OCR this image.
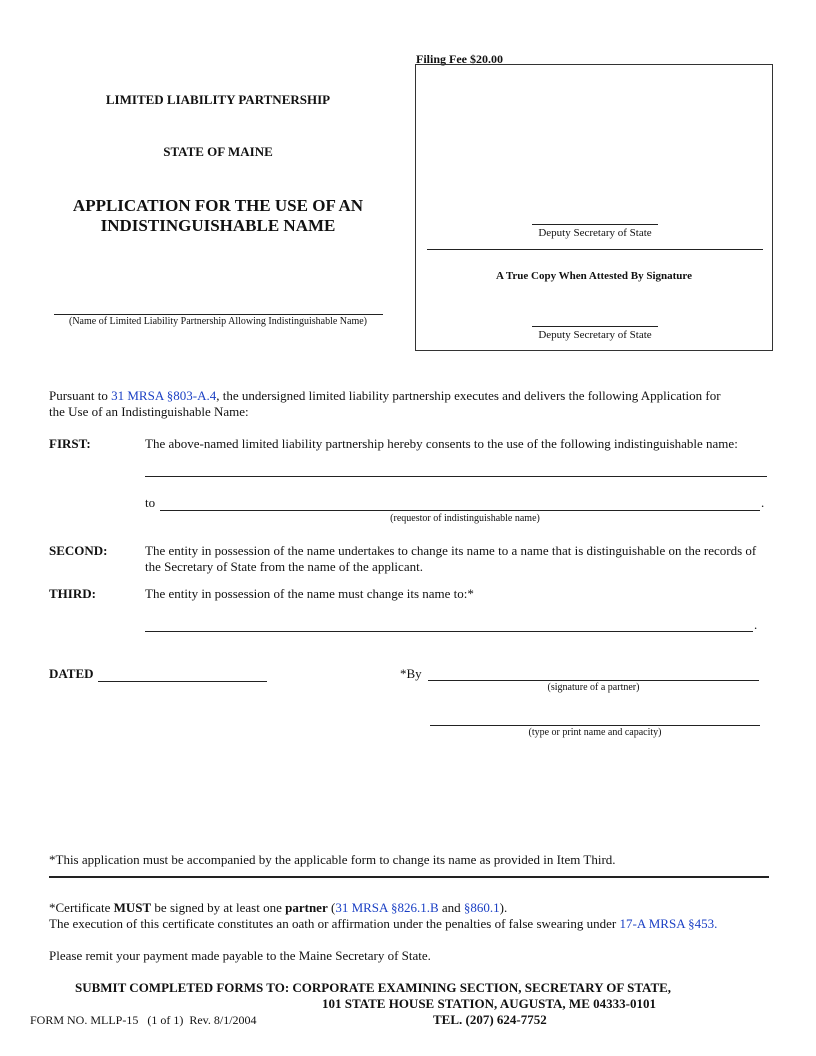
LIMITED LIABILITY PARTNERSHIP
STATE OF MAINE
APPLICATION FOR THE USE OF AN
INDISTINGUISHABLE NAME
(Name of Limited Liability Partnership Allowing Indistinguishable Name)
Filing Fee $20.00
Deputy Secretary of State
A True Copy When Attested By Signature
Deputy Secretary of State
Pursuant to 31 MRSA §803-A.4, the undersigned limited liability partnership executes and delivers the following Application for
the Use of an Indistinguishable Name:
FIRST:	The above-named limited liability partnership hereby consents to the use of the following indistinguishable name:
to	.
(requestor of indistinguishable name)
SECOND:	The entity in possession of the name undertakes to change its name to a name that is distinguishable on the records of
the Secretary of State from the name of the applicant.
THIRD:	The entity in possession of the name must change its name to:*
.
DATED	*By
(signature of a partner)
(type or print name and capacity)
*This application must be accompanied by the applicable form to change its name as provided in Item Third.
*Certificate MUST be signed by at least one partner (31 MRSA §826.1.B and §860.1).
The execution of this certificate constitutes an oath or affirmation under the penalties of false swearing under 17-A MRSA §453.
Please remit your payment made payable to the Maine Secretary of State.
SUBMIT COMPLETED FORMS TO: CORPORATE EXAMINING SECTION, SECRETARY OF STATE,
101 STATE HOUSE STATION, AUGUSTA, ME 04333-0101
TEL. (207) 624-7752
FORM NO. MLLP-15   (1 of 1)  Rev. 8/1/2004
